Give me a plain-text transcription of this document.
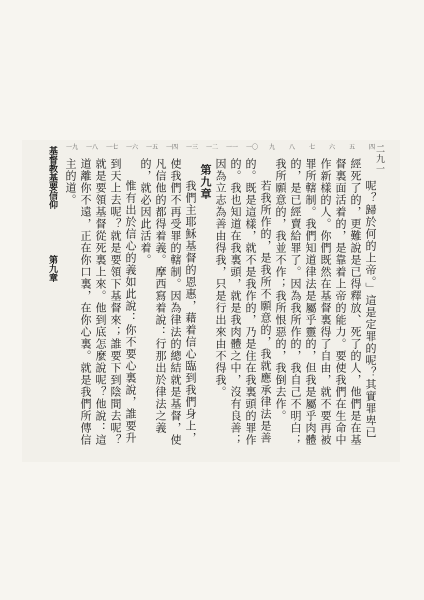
二九一
基督教基要信仰
第九章
四
五
六
七
八
九
一〇
一一
一二
一三
一四
一五
一六
一七
一八
一九

呢？歸於何的上帝。」這是定罪的呢？其實罪卑已經死了的，更難說是已得釋放、死了的人，他們是在基督裏面活着的，是靠着上帝的能力。要使我們在生命中作新樣的人。你們既然在基督裏得了自由，就不要再被罪所轄制。我們知道律法是屬乎靈的，但我是屬乎肉體的，是已經賣給罪了。因為我所作的，我自己不明白；我所願意的，我並不作；我所恨惡的，我倒去作。

若我所作的，是我所不願意的，我就應承律法是善的。既是這樣，就不是我作的，乃是住在我裏頭的罪作的。我也知道在我裏頭，就是我肉體之中，沒有良善；因為立志為善由得我，只是行出來由不得我。

第九章

我們主耶穌基督的恩惠，藉着信心臨到我們身上，使我們不再受罪的轄制。因為律法的總結就是基督，使凡信他的都得着義。摩西寫着說：行那出於律法之義的，就必因此活着。

惟有出於信心的義如此說：你不要心裏說，誰要升到天上去呢？就是要領下基督來；誰要下到陰間去呢？就是要領基督從死裏上來。他到底怎麼說呢？他說：這道離你不遠，正在你口裏，在你心裏。就是我們所傳信主的道。
